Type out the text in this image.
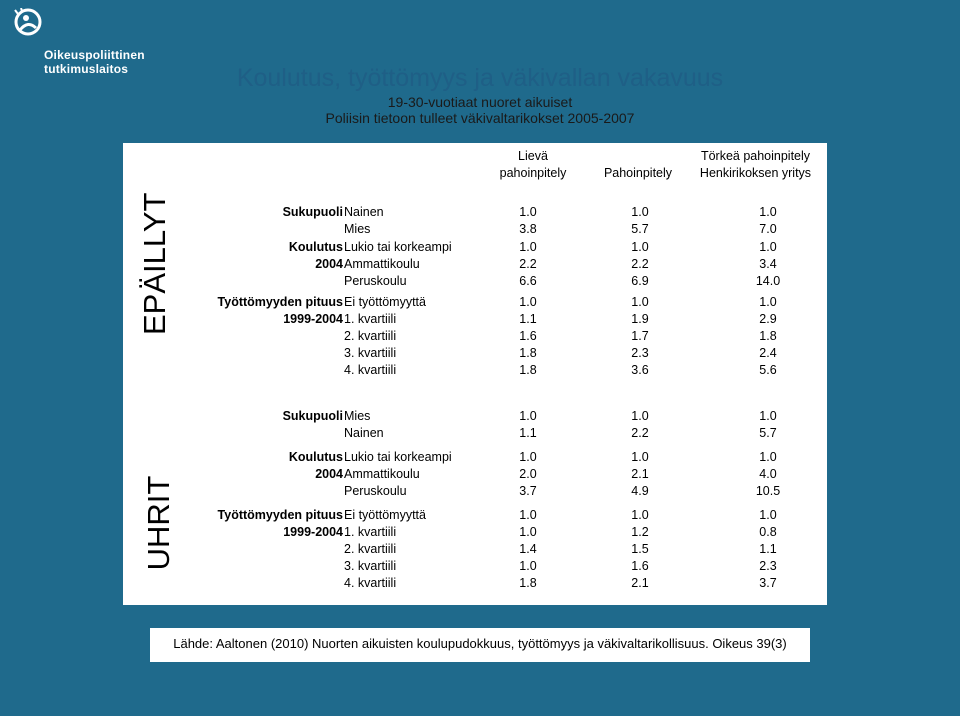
Oikeuspoliittinen
tutkimuslaitos	Koulutus, työttömyys ja väkivallan vakavuus
19-30-vuotiaat nuoret aikuiset
Poliisin tietoon tulleet väkivaltarikokset 2005-2007
Lievä
pahoinpitely	Pahoinpitely
Törkeä pahoinpitely
Henkirikoksen yritys
EPÄILLYT
UHRIT
Sukupuoli Nainen	1.0	1.0	1.0
Mies	3.8	5.7	7.0
Koulutus Lukio tai korkeampi	1.0	1.0	1.0
2004 Ammattikoulu	2.2	2.2	3.4
Peruskoulu	6.6	6.9	14.0
Työttömyyden pituus Ei työttömyyttä	1.0	1.0	1.0
1999-2004 1. kvartiili	1.1	1.9	2.9
2. kvartiili	1.6	1.7	1.8
3. kvartiili	1.8	2.3	2.4
4. kvartiili	1.8	3.6	5.6
Sukupuoli Mies	1.0	1.0	1.0
Nainen	1.1	2.2	5.7
Koulutus Lukio tai korkeampi	1.0	1.0	1.0
2004 Ammattikoulu	2.0	2.1	4.0
Peruskoulu	3.7	4.9	10.5
Työttömyyden pituus Ei työttömyyttä	1.0	1.0	1.0
1999-2004 1. kvartiili	1.0	1.2	0.8
2. kvartiili	1.4	1.5	1.1
3. kvartiili	1.0	1.6	2.3
4. kvartiili	1.8	2.1	3.7
Lähde: Aaltonen (2010) Nuorten aikuisten koulupudokkuus, työttömyys ja väkivaltarikollisuus. Oikeus 39(3)
